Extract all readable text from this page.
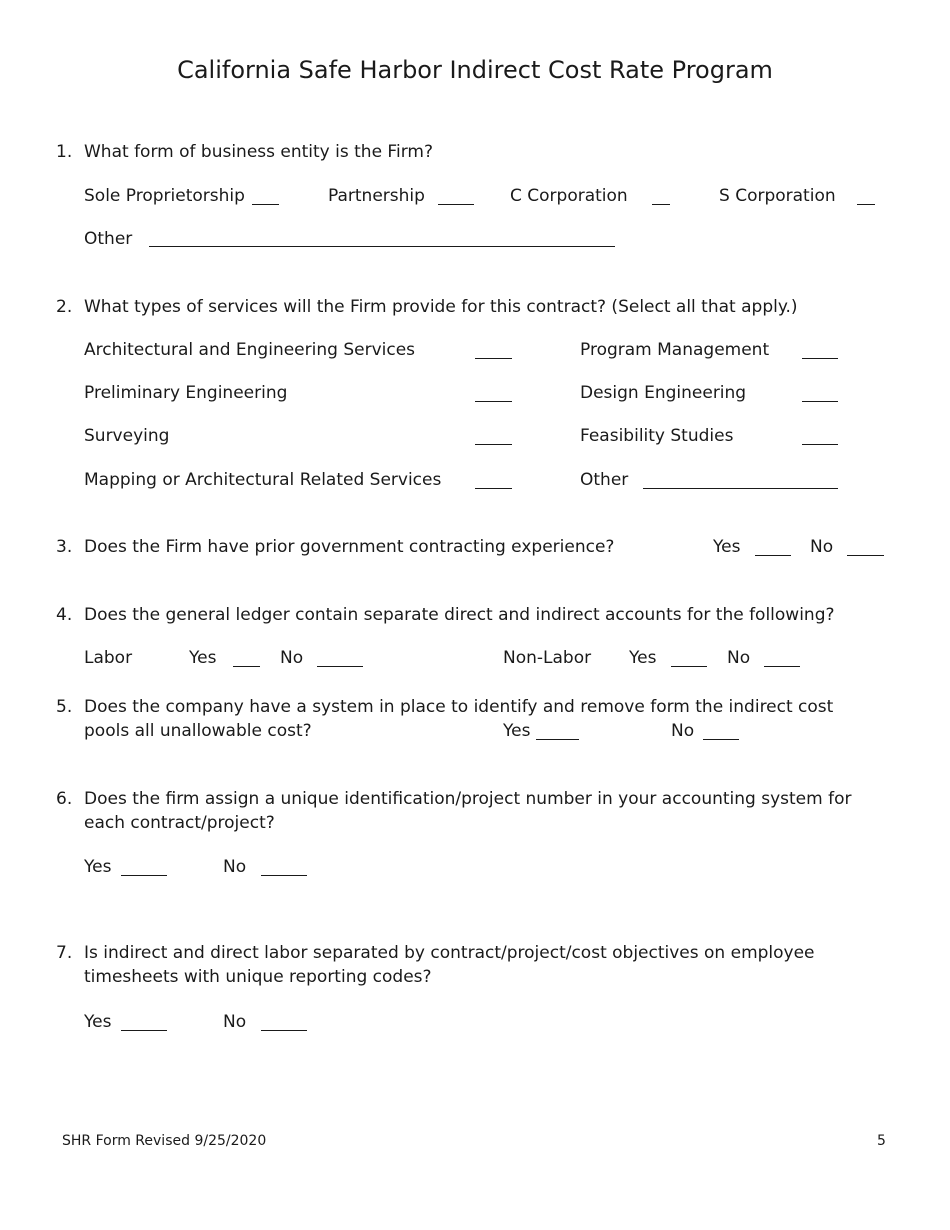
California Safe Harbor Indirect Cost Rate Program
1. What form of business entity is the Firm?
Sole Proprietorship	Partnership	C Corporation	S Corporation
Other
2. What types of services will the Firm provide for this contract? (Select all that apply.)
Architectural and Engineering Services	Program Management
Preliminary Engineering	Design Engineering
Surveying	Feasibility Studies
Mapping or Architectural Related Services	Other
3. Does the Firm have prior government contracting experience?	Yes	No
4. Does the general ledger contain separate direct and indirect accounts for the following?
Labor	Yes	No	Non-Labor Yes	No
5. Does the company have a system in place to identify and remove form the indirect cost
pools all unallowable cost?	Yes	No
6. Does the firm assign a unique identification/project number in your accounting system for
each contract/project?
Yes	No
7. Is indirect and direct labor separated by contract/project/cost objectives on employee
timesheets with unique reporting codes?
Yes	No
SHR Form Revised 9/25/2020	5
